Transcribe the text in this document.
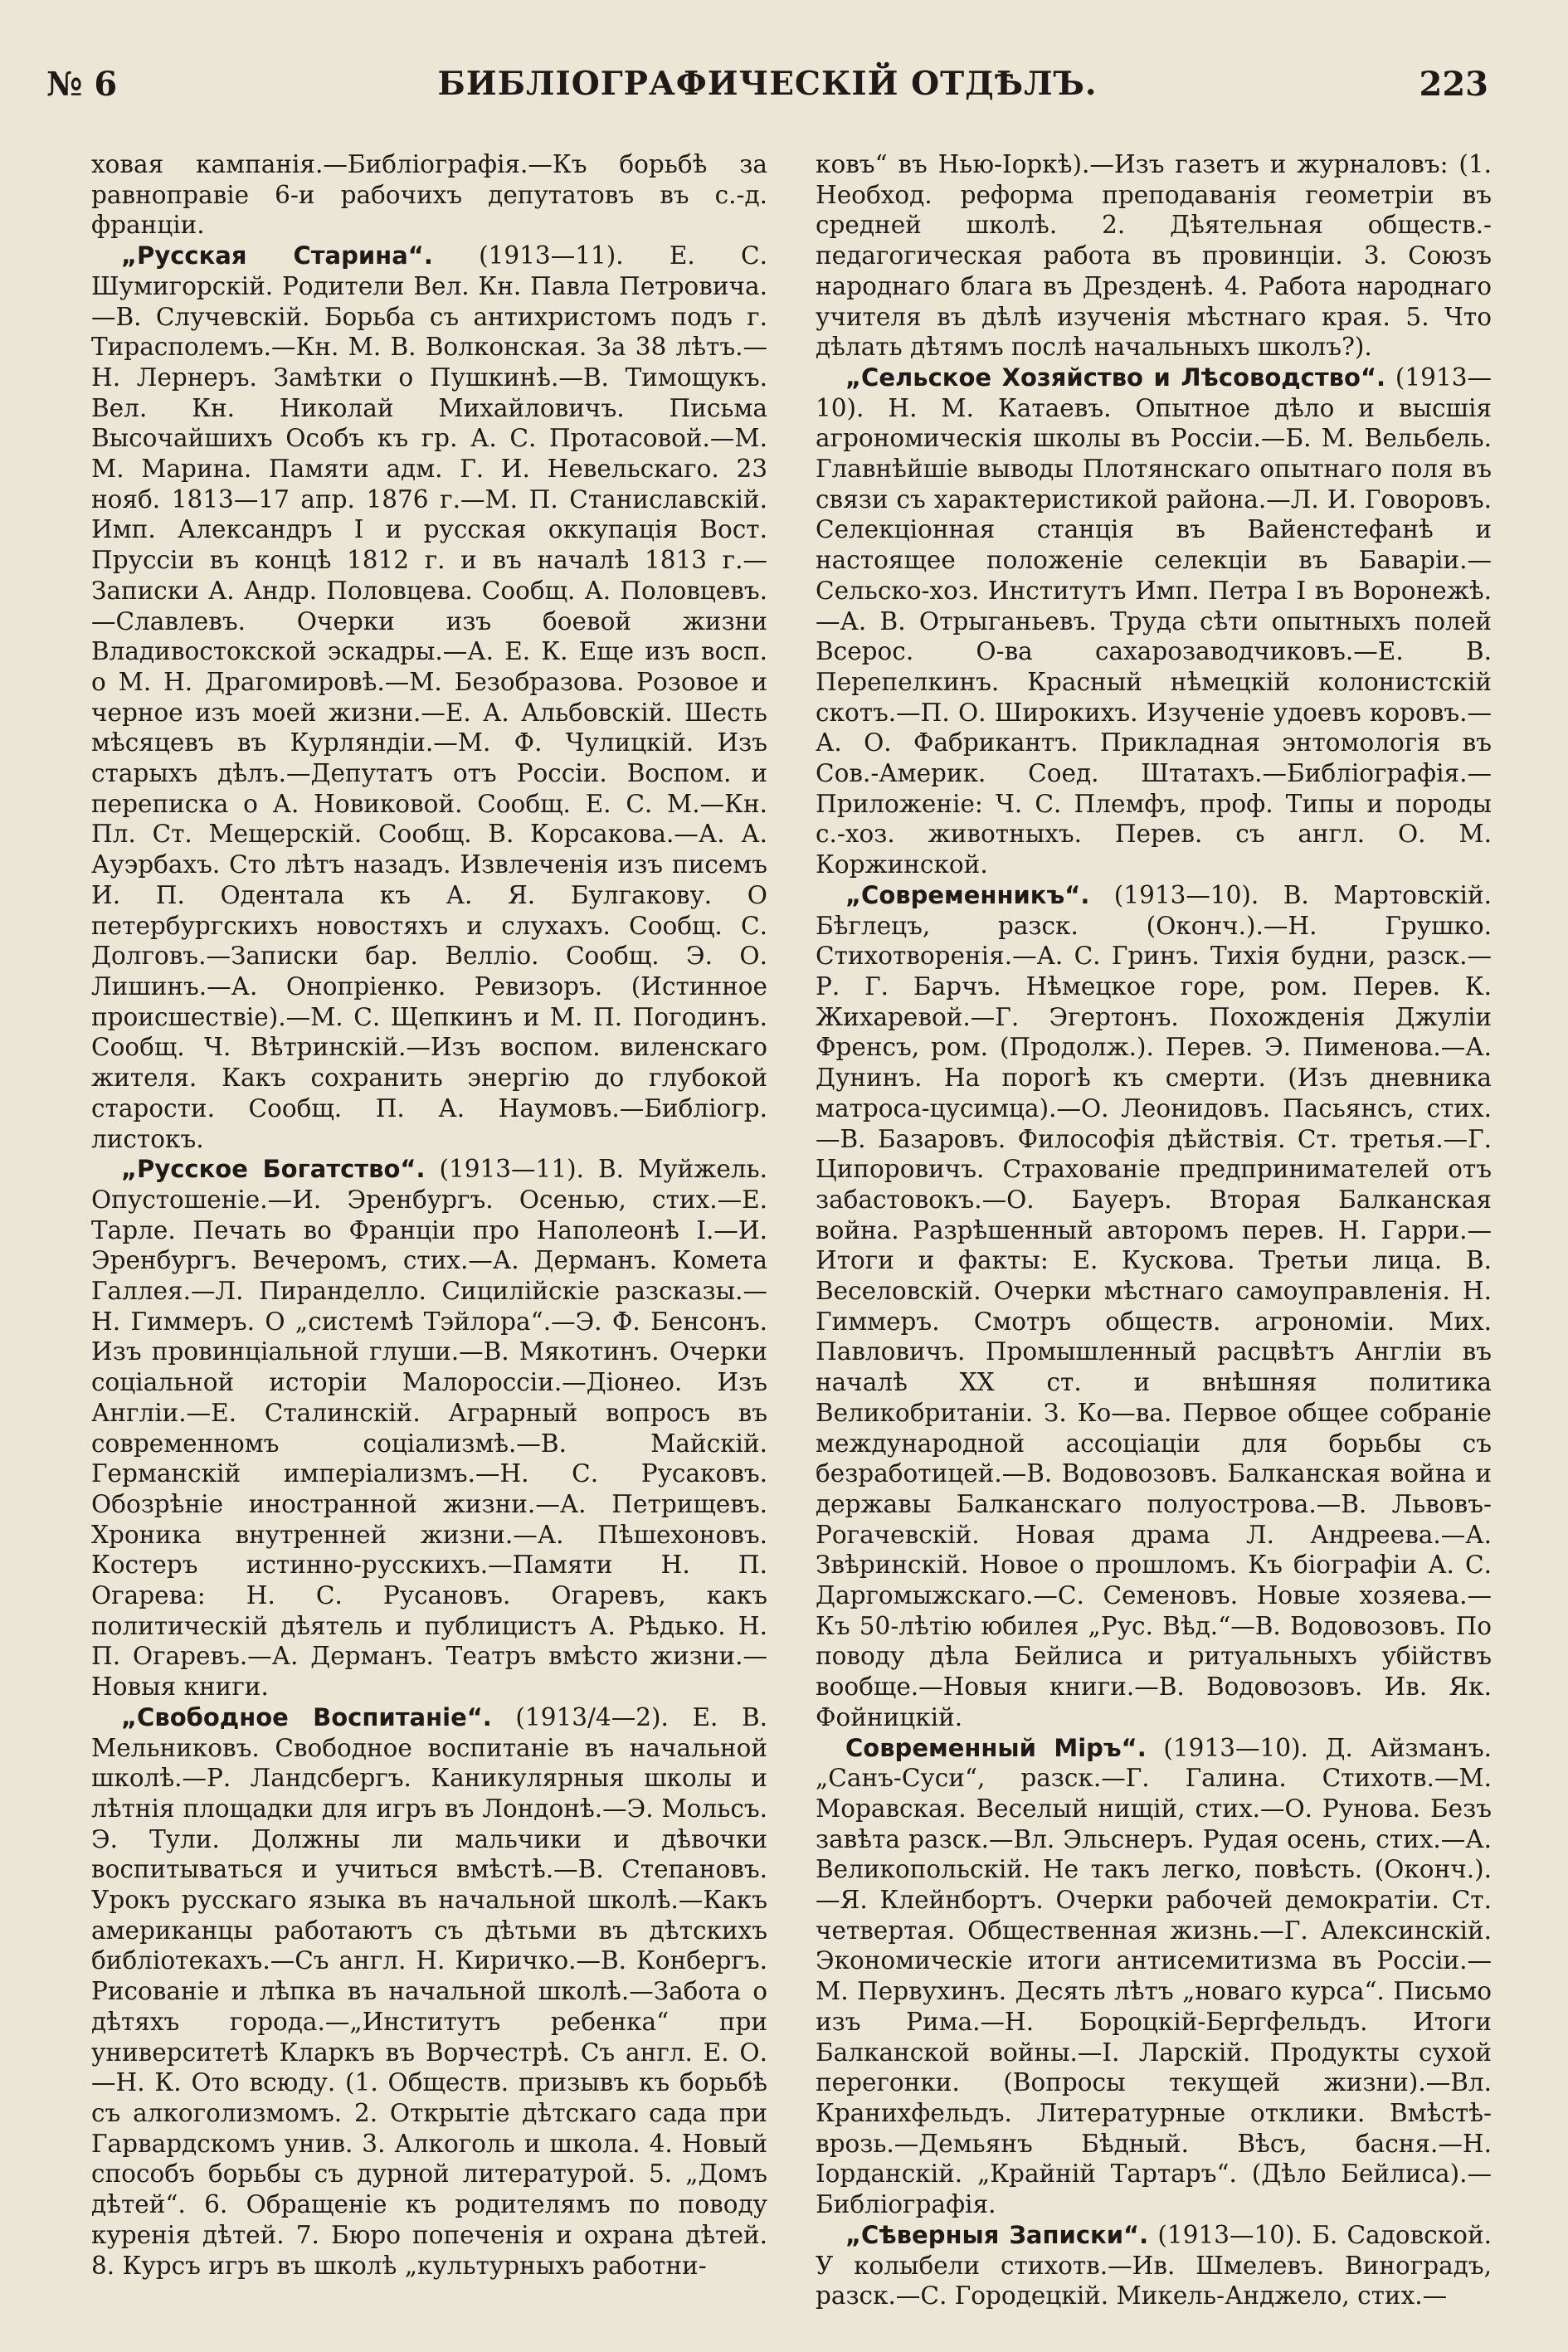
№ 6	БИБЛІОГРАФИЧЕСКІЙ ОТДѢЛЪ.	223

ховая кампанія.—Библіографія.—Къ борьбѣ за равноправіе 6-и рабочихъ депутатовъ въ с.-д. франціи.

„Русская Старина“. (1913—11). Е. С. Шумигорскій. Родители Вел. Кн. Павла Петровича.—В. Случевскій. Борьба съ антихристомъ подъ г. Тирасполемъ.—Кн. М. В. Волконская. За 38 лѣтъ.—Н. Лернеръ. Замѣтки о Пушкинѣ.—В. Тимощукъ. Вел. Кн. Николай Михайловичъ. Письма Высочайшихъ Особъ къ гр. А. С. Протасовой.—М. М. Марина. Памяти адм. Г. И. Невельскаго. 23 нояб. 1813—17 апр. 1876 г.—М. П. Станиславскій. Имп. Александръ I и русская оккупація Вост. Пруссіи въ концѣ 1812 г. и въ началѣ 1813 г.—Записки А. Андр. Половцева. Сообщ. А. Половцевъ.—Славлевъ. Очерки изъ боевой жизни Владивостокской эскадры.—А. Е. К. Еще изъ восп. о М. Н. Драгомировѣ.—М. Безобразова. Розовое и черное изъ моей жизни.—Е. А. Альбовскій. Шесть мѣсяцевъ въ Курляндіи.—М. Ф. Чулицкій. Изъ старыхъ дѣлъ.—Депутатъ отъ Россіи. Воспом. и переписка о А. Новиковой. Сообщ. Е. С. М.—Кн. Пл. Ст. Мещерскій. Сообщ. В. Корсакова.—А. А. Ауэрбахъ. Сто лѣтъ назадъ. Извлеченія изъ писемъ И. П. Одентала къ А. Я. Булгакову. О петербургскихъ новостяхъ и слухахъ. Сообщ. С. Долговъ.—Записки бар. Велліо. Сообщ. Э. О. Лишинъ.—А. Онопріенко. Ревизоръ. (Истинное происшествіе).—М. С. Щепкинъ и М. П. Погодинъ. Сообщ. Ч. Вѣтринскій.—Изъ воспом. виленскаго жителя. Какъ сохранить энергію до глубокой старости. Сообщ. П. А. Наумовъ.—Библіогр. листокъ.

„Русское Богатство“. (1913—11). В. Муйжель. Опустошеніе.—И. Эренбургъ. Осенью, стих.—Е. Тарле. Печать во Франціи про Наполеонѣ I.—И. Эренбургъ. Вечеромъ, стих.—А. Дерманъ. Комета Галлея.—Л. Пиранделло. Сицилійскіе разсказы.—Н. Гиммеръ. О „системѣ Тэйлора“.—Э. Ф. Бенсонъ. Изъ провинціальной глуши.—В. Мякотинъ. Очерки соціальной исторіи Малороссіи.—Діонео. Изъ Англіи.—Е. Сталинскій. Аграрный вопросъ въ современномъ соціализмѣ.—В. Майскій. Германскій имперіализмъ.—Н. С. Русаковъ. Обозрѣніе иностранной жизни.—А. Петрищевъ. Хроника внутренней жизни.—А. Пѣшехоновъ. Костеръ истинно-русскихъ.—Памяти Н. П. Огарева: Н. С. Русановъ. Огаревъ, какъ политическій дѣятель и публицистъ А. Рѣдько. Н. П. Огаревъ.—А. Дерманъ. Театръ вмѣсто жизни.—Новыя книги.

„Свободное Воспитаніе“. (1913/4—2). Е. В. Мельниковъ. Свободное воспитаніе въ начальной школѣ.—Р. Ландсбергъ. Каникулярныя школы и лѣтнія площадки для игръ въ Лондонѣ.—Э. Мольсъ. Э. Тули. Должны ли мальчики и дѣвочки воспитываться и учиться вмѣстѣ.—В. Степановъ. Урокъ русскаго языка въ начальной школѣ.—Какъ американцы работаютъ съ дѣтьми въ дѣтскихъ библіотекахъ.—Съ англ. Н. Киричко.—В. Конбергъ. Рисованіе и лѣпка въ начальной школѣ.—Забота о дѣтяхъ города.—„Институтъ ребенка“ при университетѣ Кларкъ въ Ворчестрѣ. Съ англ. Е. О.—Н. К. Ото всюду. (1. Обществ. призывъ къ борьбѣ съ алкоголизмомъ. 2. Открытіе дѣтскаго сада при Гарвардскомъ унив. 3. Алкоголь и школа. 4. Новый способъ борьбы съ дурной литературой. 5. „Домъ дѣтей“. 6. Обращеніе къ родителямъ по поводу куренія дѣтей. 7. Бюро попеченія и охрана дѣтей. 8. Курсъ игръ въ школѣ „культурныхъ работни-

ковъ“ въ Нью-Іоркѣ).—Изъ газетъ и журналовъ: (1. Необход. реформа преподаванія геометріи въ средней школѣ. 2. Дѣятельная обществ.-педагогическая работа въ провинціи. 3. Союзъ народнаго блага въ Дрезденѣ. 4. Работа народнаго учителя въ дѣлѣ изученія мѣстнаго края. 5. Что дѣлать дѣтямъ послѣ начальныхъ школъ?).

„Сельское Хозяйство и Лѣсоводство“. (1913—10). Н. М. Катаевъ. Опытное дѣло и высшія агрономическія школы въ Россіи.—Б. М. Вельбель. Главнѣйшіе выводы Плотянскаго опытнаго поля въ связи съ характеристикой района.—Л. И. Говоровъ. Селекціонная станція въ Вайенстефанѣ и настоящее положеніе селекціи въ Баваріи.—Сельско-хоз. Институтъ Имп. Петра I въ Воронежѣ.—А. В. Отрыганьевъ. Труда сѣти опытныхъ полей Всерос. О-ва сахарозаводчиковъ.—Е. В. Перепелкинъ. Красный нѣмецкій колонистскій скотъ.—П. О. Широкихъ. Изученіе удоевъ коровъ.—А. О. Фабрикантъ. Прикладная энтомологія въ Сов.-Америк. Соед. Штатахъ.—Библіографія.—Приложеніе: Ч. С. Племфъ, проф. Типы и породы с.-хоз. животныхъ. Перев. съ англ. О. М. Коржинской.

„Современникъ“. (1913—10). В. Мартовскій. Бѣглецъ, разск. (Оконч.).—Н. Грушко. Стихотворенія.—А. С. Гринъ. Тихія будни, разск.—Р. Г. Барчъ. Нѣмецкое горе, ром. Перев. К. Жихаревой.—Г. Эгертонъ. Похожденія Джуліи Френсъ, ром. (Продолж.). Перев. Э. Пименова.—А. Дунинъ. На порогѣ къ смерти. (Изъ дневника матроса-цусимца).—О. Леонидовъ. Пасьянсъ, стих.—В. Базаровъ. Философія дѣйствія. Ст. третья.—Г. Ципоровичъ. Страхованіе предпринимателей отъ забастовокъ.—О. Бауеръ. Вторая Балканская война. Разрѣшенный авторомъ перев. Н. Гарри.—Итоги и факты: Е. Кускова. Третьи лица. В. Веселовскій. Очерки мѣстнаго самоуправленія. Н. Гиммеръ. Смотръ обществ. агрономіи. Мих. Павловичъ. Промышленный расцвѣтъ Англіи въ началѣ XX ст. и внѣшняя политика Великобританіи. З. Ко—ва. Первое общее собраніе международной ассоціаціи для борьбы съ безработицей.—В. Водовозовъ. Балканская война и державы Балканскаго полуострова.—В. Львовъ-Рогачевскій. Новая драма Л. Андреева.—А. Звѣринскій. Новое о прошломъ. Къ біографіи А. С. Даргомыжскаго.—С. Семеновъ. Новые хозяева.—Къ 50-лѣтію юбилея „Рус. Вѣд.“—В. Водовозовъ. По поводу дѣла Бейлиса и ритуальныхъ убійствъ вообще.—Новыя книги.—В. Водовозовъ. Ив. Як. Фойницкій.

Современный Міръ“. (1913—10). Д. Айзманъ. „Санъ-Суси“, разск.—Г. Галина. Стихотв.—М. Моравская. Веселый нищій, стих.—О. Рунова. Безъ завѣта разск.—Вл. Эльснеръ. Рудая осень, стих.—А. Великопольскій. Не такъ легко, повѣсть. (Оконч.).—Я. Клейнбортъ. Очерки рабочей демократіи. Ст. четвертая. Общественная жизнь.—Г. Алексинскій. Экономическіе итоги антисемитизма въ Россіи.—М. Первухинъ. Десять лѣтъ „новаго курса“. Письмо изъ Рима.—Н. Бороцкій-Бергфельдъ. Итоги Балканской войны.—І. Ларскій. Продукты сухой перегонки. (Вопросы текущей жизни).—Вл. Кранихфельдъ. Литературные отклики. Вмѣстѣ-врозь.—Демьянъ Бѣдный. Вѣсъ, басня.—Н. Іорданскій. „Крайній Тартаръ“. (Дѣло Бейлиса).—Библіографія.

„Сѣверныя Записки“. (1913—10). Б. Садовской. У колыбели стихотв.—Ив. Шмелевъ. Виноградъ, разск.—С. Городецкій. Микель-Анджело, стих.—
